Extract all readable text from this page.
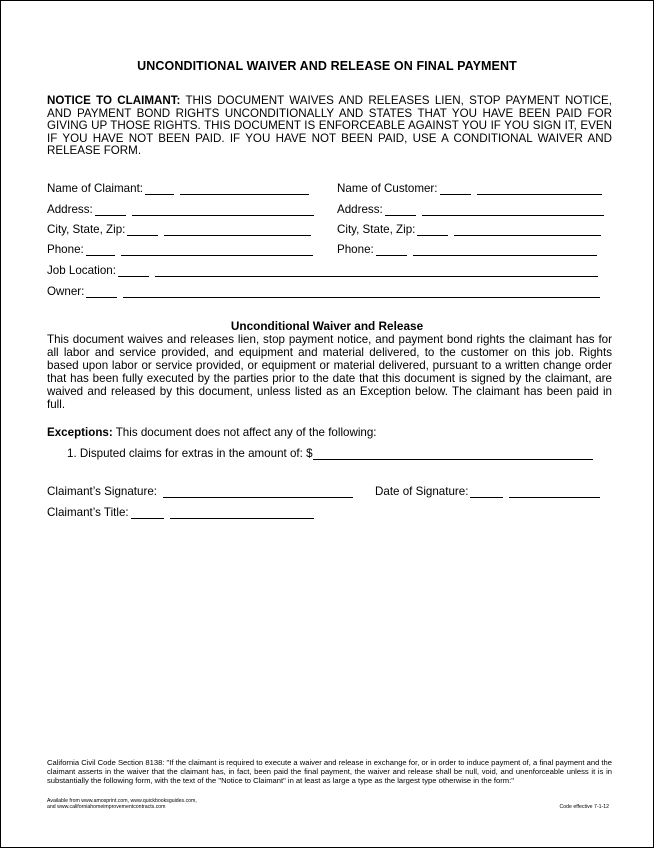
UNCONDITIONAL WAIVER AND RELEASE ON FINAL PAYMENT
NOTICE TO CLAIMANT: THIS DOCUMENT WAIVES AND RELEASES LIEN, STOP PAYMENT NOTICE, AND PAYMENT BOND RIGHTS UNCONDITIONALLY AND STATES THAT YOU HAVE BEEN PAID FOR GIVING UP THOSE RIGHTS. THIS DOCUMENT IS ENFORCEABLE AGAINST YOU IF YOU SIGN IT, EVEN IF YOU HAVE NOT BEEN PAID. IF YOU HAVE NOT BEEN PAID, USE A CONDITIONAL WAIVER AND RELEASE FORM.
Name of Claimant:
Address:
City, State, Zip:
Phone:
Name of Customer:
Address:
City, State, Zip:
Phone:
Job Location:
Owner:
Unconditional Waiver and Release
This document waives and releases lien, stop payment notice, and payment bond rights the claimant has for all labor and service provided, and equipment and material delivered, to the customer on this job. Rights based upon labor or service provided, or equipment or material delivered, pursuant to a written change order that has been fully executed by the parties prior to the date that this document is signed by the claimant, are waived and released by this document, unless listed as an Exception below. The claimant has been paid in full.
Exceptions: This document does not affect any of the following:
1. Disputed claims for extras in the amount of: $
Claimant’s Signature:	Date of Signature:
Claimant’s Title:
California Civil Code Section 8138: "If the claimant is required to execute a waiver and release in exchange for, or in order to induce payment of, a final payment and the claimant asserts in the waiver that the claimant has, in fact, been paid the final payment, the waiver and release shall be null, void, and unenforceable unless it is in substantially the following form, with the text of the "Notice to Claimant" in at least as large a type as the largest type otherwise in the form:"
Available from www.amosprint.com, www.quickbooksguides.com,
and www.californiahomeimprovementcontracts.com	Code effective 7-1-12
